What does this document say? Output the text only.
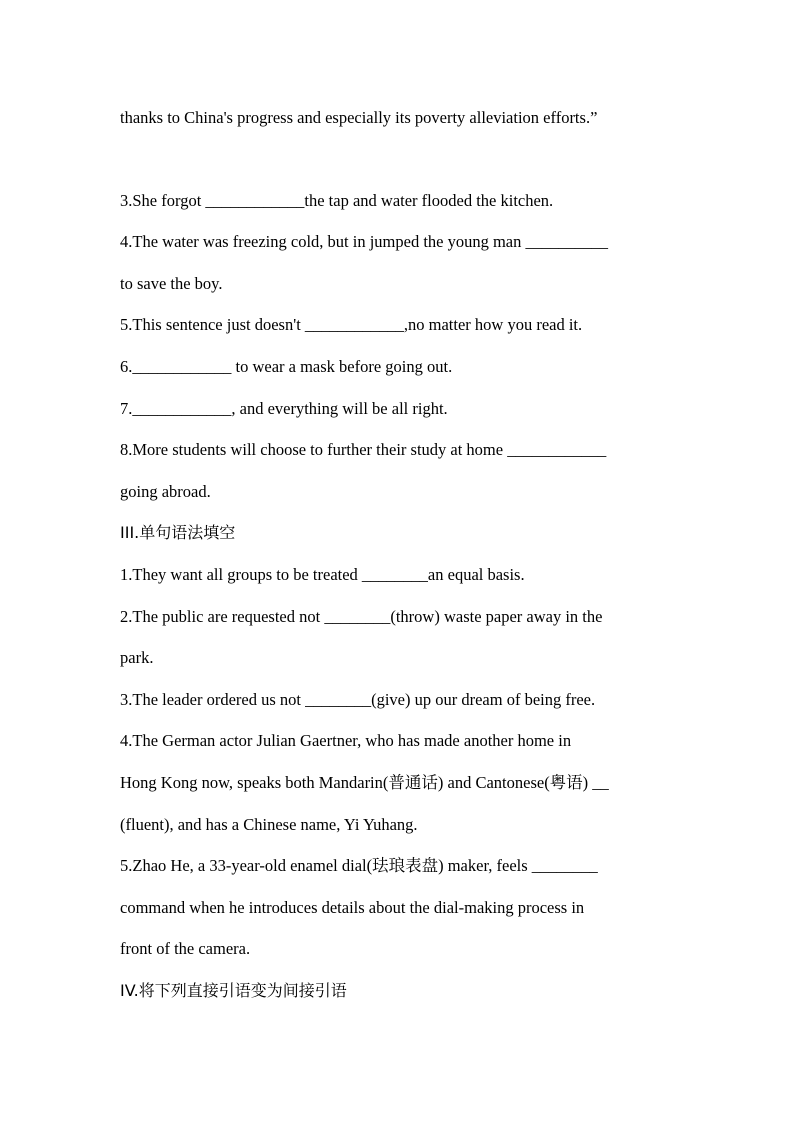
thanks to China's progress and especially its poverty alleviation efforts.”
3.She forgot ____________the tap and water flooded the kitchen.
4.The water was freezing cold, but in jumped the young man __________
to save the boy.
5.This sentence just doesn't ____________,no matter how you read it.
6.____________ to wear a mask before going out.
7.____________, and everything will be all right.
8.More students will choose to further their study at home ____________
going abroad.
III.单句语法填空
1.They want all groups to be treated ________an equal basis.
2.The public are requested not ________(throw) waste paper away in the
park.
3.The leader ordered us not ________(give) up our dream of being free.
4.The German actor Julian Gaertner, who has made another home in
Hong Kong now, speaks both Mandarin(普通话) and Cantonese(粤语) __
(fluent), and has a Chinese name, Yi Yuhang.
5.Zhao He, a 33-year-old enamel dial(珐琅表盘) maker, feels ________
command when he introduces details about the dial-making process in
front of the camera.
IV.将下列直接引语变为间接引语
